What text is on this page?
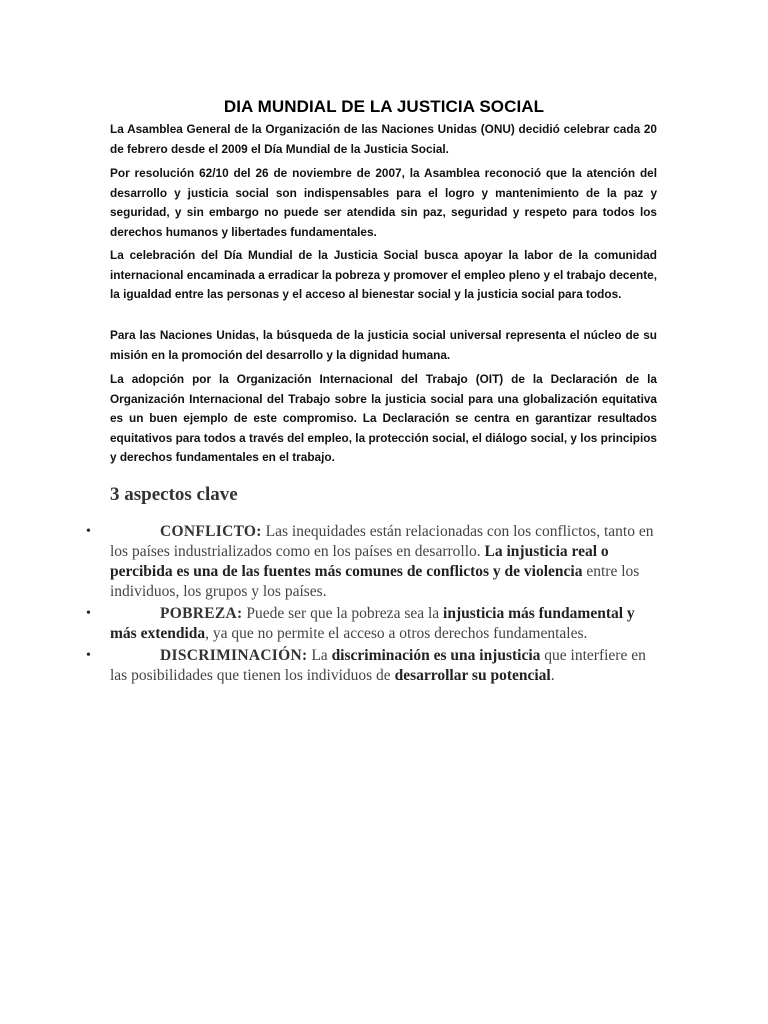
DIA MUNDIAL DE LA JUSTICIA SOCIAL

La Asamblea General de la Organización de las Naciones Unidas (ONU) decidió celebrar cada 20 de febrero desde el 2009 el Día Mundial de la Justicia Social.

Por resolución 62/10 del 26 de noviembre de 2007, la Asamblea reconoció que la atención del desarrollo y justicia social son indispensables para el logro y mantenimiento de la paz y seguridad, y sin embargo no puede ser atendida sin paz, seguridad y respeto para todos los derechos humanos y libertades fundamentales.

La celebración del Día Mundial de la Justicia Social busca apoyar la labor de la comunidad internacional encaminada a erradicar la pobreza y promover el empleo pleno y el trabajo decente, la igualdad entre las personas y el acceso al bienestar social y la justicia social para todos.

Para las Naciones Unidas, la búsqueda de la justicia social universal representa el núcleo de su misión en la promoción del desarrollo y la dignidad humana.

La adopción por la Organización Internacional del Trabajo (OIT) de la Declaración de la Organización Internacional del Trabajo sobre la justicia social para una globalización equitativa es un buen ejemplo de este compromiso. La Declaración se centra en garantizar resultados equitativos para todos a través del empleo, la protección social, el diálogo social, y los principios y derechos fundamentales en el trabajo.

3 aspectos clave
•	CONFLICTO: Las inequidades están relacionadas con los conflictos, tanto en los países industrializados como en los países en desarrollo. La injusticia real o percibida es una de las fuentes más comunes de conflictos y de violencia entre los individuos, los grupos y los países.
•	POBREZA: Puede ser que la pobreza sea la injusticia más fundamental y más extendida, ya que no permite el acceso a otros derechos fundamentales.
•	DISCRIMINACIÓN: La discriminación es una injusticia que interfiere en las posibilidades que tienen los individuos de desarrollar su potencial.
